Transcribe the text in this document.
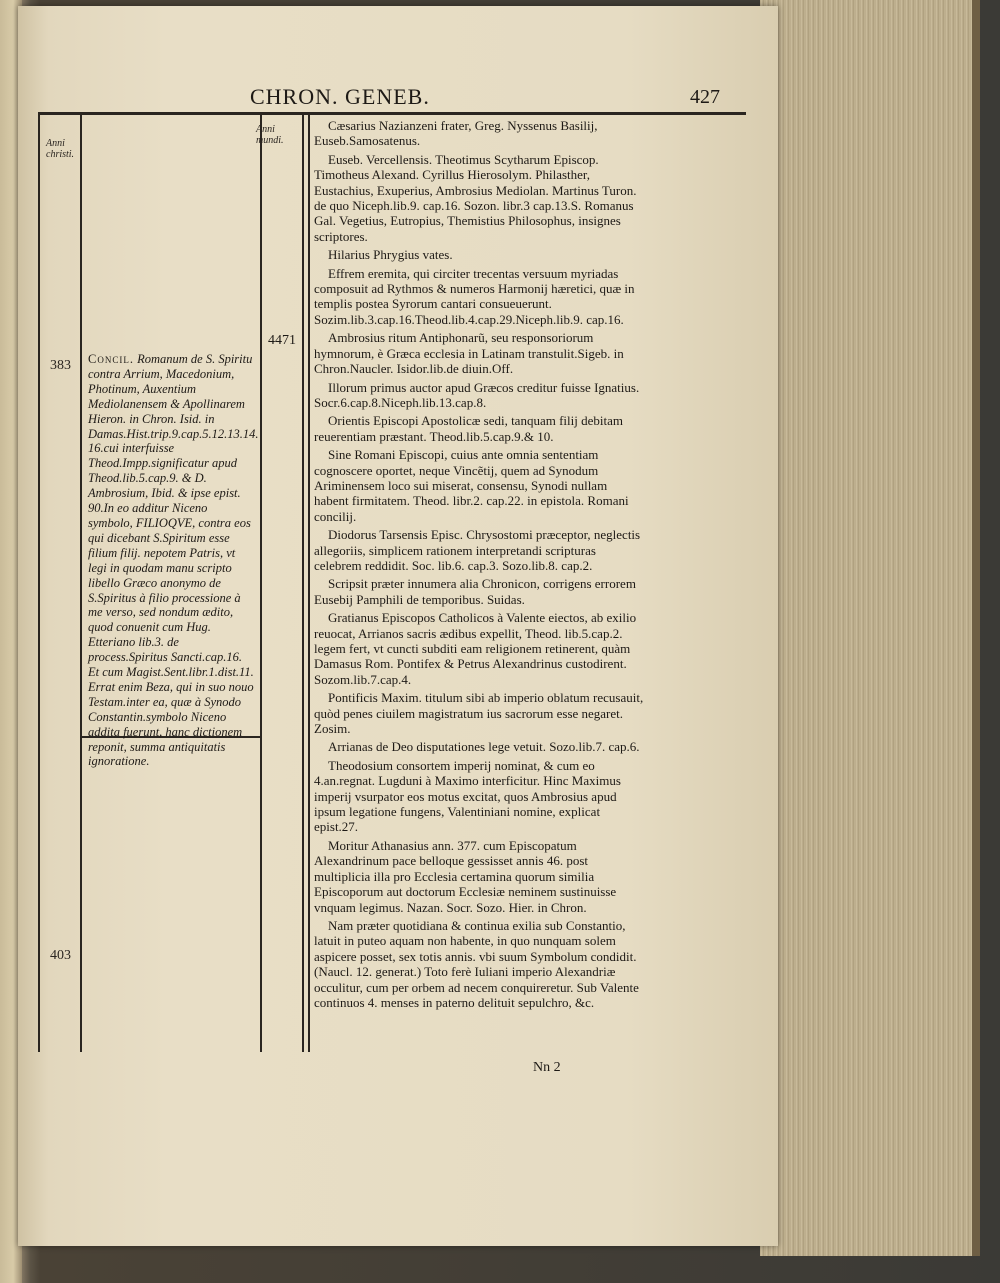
CHRON. GENEB.	427
Anni christi.
Anni mundi.
383
403
4471
Concil. Romanum de S. Spiritu contra Arrium, Macedonium, Photinum, Auxentium Mediolanensem & Apollinarem Hieron. in Chron. Isid. in Damas.Hist.trip.9.cap.5.12.13.14. 16.cui interfuisse Theod.Impp.significatur apud Theod.lib.5.cap.9. & D. Ambrosium, Ibid. & ipse epist. 90.In eo additur Niceno symbolo, FILIOQVE, contra eos qui dicebant S.Spiritum esse filium filij. nepotem Patris, vt legi in quodam manu scripto libello Græco anonymo de S.Spiritus à filio processione à me verso, sed nondum ædito, quod conuenit cum Hug. Etteriano lib.3. de process.Spiritus Sancti.cap.16. Et cum Magist.Sent.libr.1.dist.11. Errat enim Beza, qui in suo nouo Testam.inter ea, quæ à Synodo Constantin.symbolo Niceno addita fuerunt, hanc dictionem reponit, summa antiquitatis ignoratione.

Cæsarius Nazianzeni frater, Greg. Nyssenus Basilij, Euseb.Samosatenus.

Euseb. Vercellensis. Theotimus Scytharum Episcop. Timotheus Alexand. Cyrillus Hierosolym. Philasther, Eustachius, Exuperius, Ambrosius Mediolan. Martinus Turon. de quo Niceph.lib.9. cap.16. Sozon. libr.3 cap.13.S. Romanus Gal. Vegetius, Eutropius, Themistius Philosophus, insignes scriptores.

Hilarius Phrygius vates.

Effrem eremita, qui circiter trecentas versuum myriadas composuit ad Rythmos & numeros Harmonij hæretici, quæ in templis postea Syrorum cantari consueuerunt. Sozim.lib.3.cap.16.Theod.lib.4.cap.29.Niceph.lib.9. cap.16.

Ambrosius ritum Antiphonarũ, seu responsoriorum hymnorum, è Græca ecclesia in Latinam transtulit.Sigeb. in Chron.Naucler. Isidor.lib.de diuin.Off.

Illorum primus auctor apud Græcos creditur fuisse Ignatius. Socr.6.cap.8.Niceph.lib.13.cap.8.

Orientis Episcopi Apostolicæ sedi, tanquam filij debitam reuerentiam præstant. Theod.lib.5.cap.9.& 10.

Sine Romani Episcopi, cuius ante omnia sententiam cognoscere oportet, neque Vincẽtij, quem ad Synodum Ariminensem loco sui miserat, consensu, Synodi nullam habent firmitatem. Theod. libr.2. cap.22. in epistola. Romani concilij.

Diodorus Tarsensis Episc. Chrysostomi præceptor, neglectis allegoriis, simplicem rationem interpretandi scripturas celebrem reddidit. Soc. lib.6. cap.3. Sozo.lib.8. cap.2.

Scripsit præter innumera alia Chronicon, corrigens errorem Eusebij Pamphili de temporibus. Suidas.

Gratianus Episcopos Catholicos à Valente eiectos, ab exilio reuocat, Arrianos sacris ædibus expellit, Theod. lib.5.cap.2. legem fert, vt cuncti subditi eam religionem retinerent, quàm Damasus Rom. Pontifex & Petrus Alexandrinus custodirent. Sozom.lib.7.cap.4.

Pontificis Maxim. titulum sibi ab imperio oblatum recusauit, quòd penes ciuilem magistratum ius sacrorum esse negaret. Zosim.

Arrianas de Deo disputationes lege vetuit. Sozo.lib.7. cap.6.

Theodosium consortem imperij nominat, & cum eo 4.an.regnat. Lugduni à Maximo interficitur. Hinc Maximus imperij vsurpator eos motus excitat, quos Ambrosius apud ipsum legatione fungens, Valentiniani nomine, explicat epist.27.

Moritur Athanasius ann. 377. cum Episcopatum Alexandrinum pace belloque gessisset annis 46. post multiplicia illa pro Ecclesia certamina quorum similia Episcoporum aut doctorum Ecclesiæ neminem sustinuisse vnquam legimus. Nazan. Socr. Sozo. Hier. in Chron.

Nam præter quotidiana & continua exilia sub Constantio, latuit in puteo aquam non habente, in quo nunquam solem aspicere posset, sex totis annis. vbi suum Symbolum condidit. (Naucl. 12. generat.) Toto ferè Iuliani imperio Alexandriæ occulitur, cum per orbem ad necem conquireretur. Sub Valente continuos 4. menses in paterno delituit sepulchro, &c.

Nn 2
